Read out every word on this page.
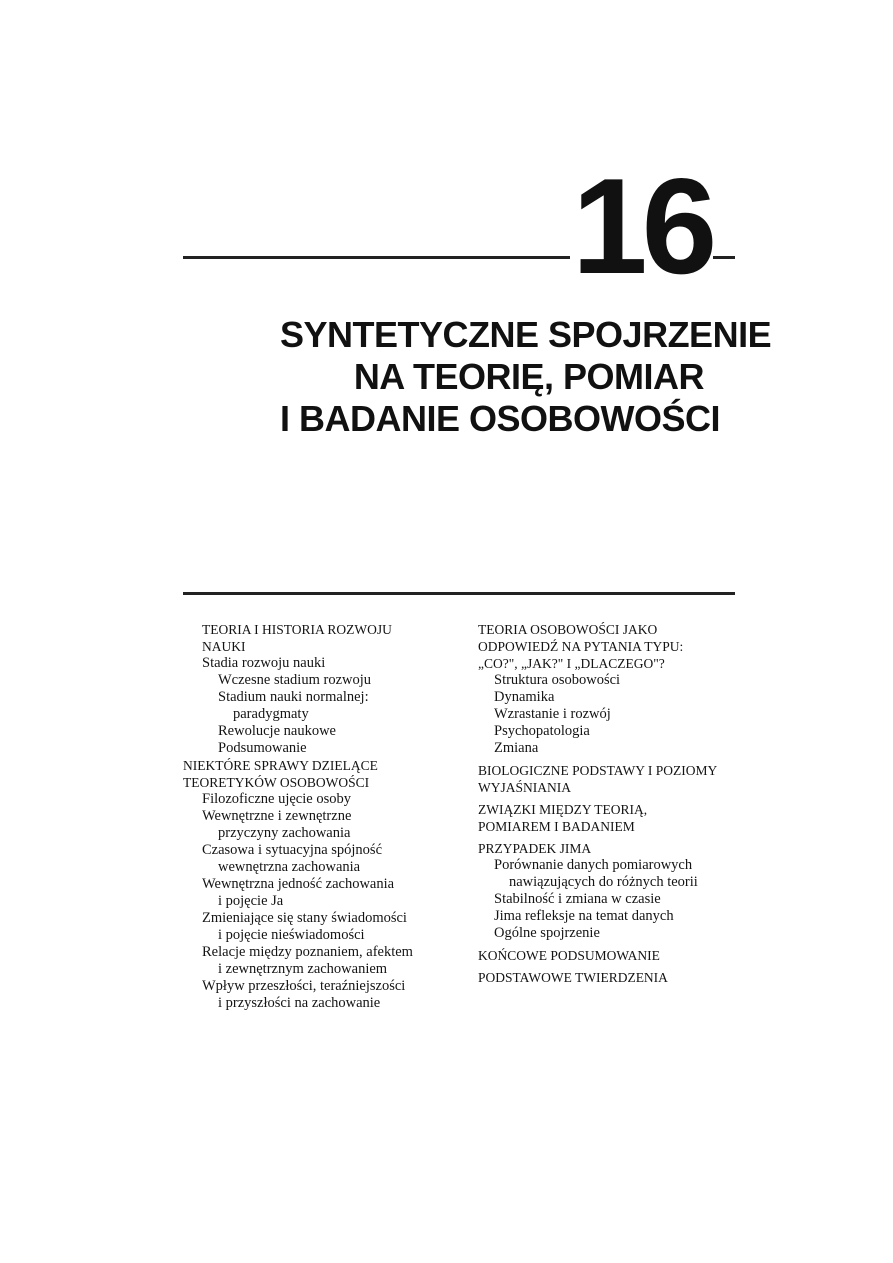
16
SYNTETYCZNE SPOJRZENIE
NA TEORIĘ, POMIAR
I BADANIE OSOBOWOŚCI
TEORIA I HISTORIA ROZWOJU
NAUKI
Stadia rozwoju nauki
Wczesne stadium rozwoju
Stadium nauki normalnej:
paradygmaty
Rewolucje naukowe
Podsumowanie
NIEKTÓRE SPRAWY DZIELĄCE
TEORETYKÓW OSOBOWOŚCI
Filozoficzne ujęcie osoby
Wewnętrzne i zewnętrzne
przyczyny zachowania
Czasowa i sytuacyjna spójność
wewnętrzna zachowania
Wewnętrzna jedność zachowania
i pojęcie Ja
Zmieniające się stany świadomości
i pojęcie nieświadomości
Relacje między poznaniem, afektem
i zewnętrznym zachowaniem
Wpływ przeszłości, teraźniejszości
i przyszłości na zachowanie
TEORIA OSOBOWOŚCI JAKO
ODPOWIEDŹ NA PYTANIA TYPU:
„CO?", „JAK?" I „DLACZEGO"?
Struktura osobowości
Dynamika
Wzrastanie i rozwój
Psychopatologia
Zmiana
BIOLOGICZNE PODSTAWY I POZIOMY
WYJAŚNIANIA
ZWIĄZKI MIĘDZY TEORIĄ,
POMIAREM I BADANIEM
PRZYPADEK JIMA
Porównanie danych pomiarowych
nawiązujących do różnych teorii
Stabilność i zmiana w czasie
Jima refleksje na temat danych
Ogólne spojrzenie
KOŃCOWE PODSUMOWANIE
PODSTAWOWE TWIERDZENIA
